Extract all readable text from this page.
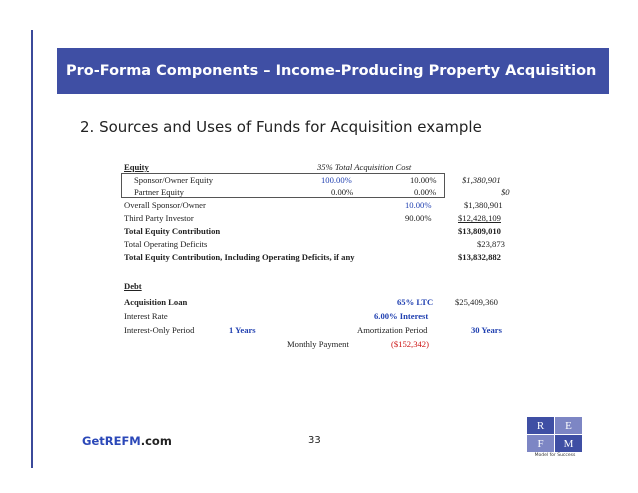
Pro-Forma Components – Income-Producing Property Acquisition
2. Sources and Uses of Funds for Acquisition example
Equity	35% Total Acquisition Cost
Sponsor/Owner Equity	100.00%	10.00%	$1,380,901
Partner Equity	0.00%	0.00%	$0
Overall Sponsor/Owner	10.00%	$1,380,901
Third Party Investor	90.00%	$12,428,109
Total Equity Contribution	$13,809,010
Total Operating Deficits	$23,873
Total Equity Contribution, Including Operating Deficits, if any	$13,832,882
Debt
Acquisition Loan	65% LTC	$25,409,360
Interest Rate	6.00% Interest
Interest-Only Period	1 Years	Amortization Period	30 Years
Monthly Payment	($152,342)
GetREFM.com	33
R	E
F	M
Model for Success
